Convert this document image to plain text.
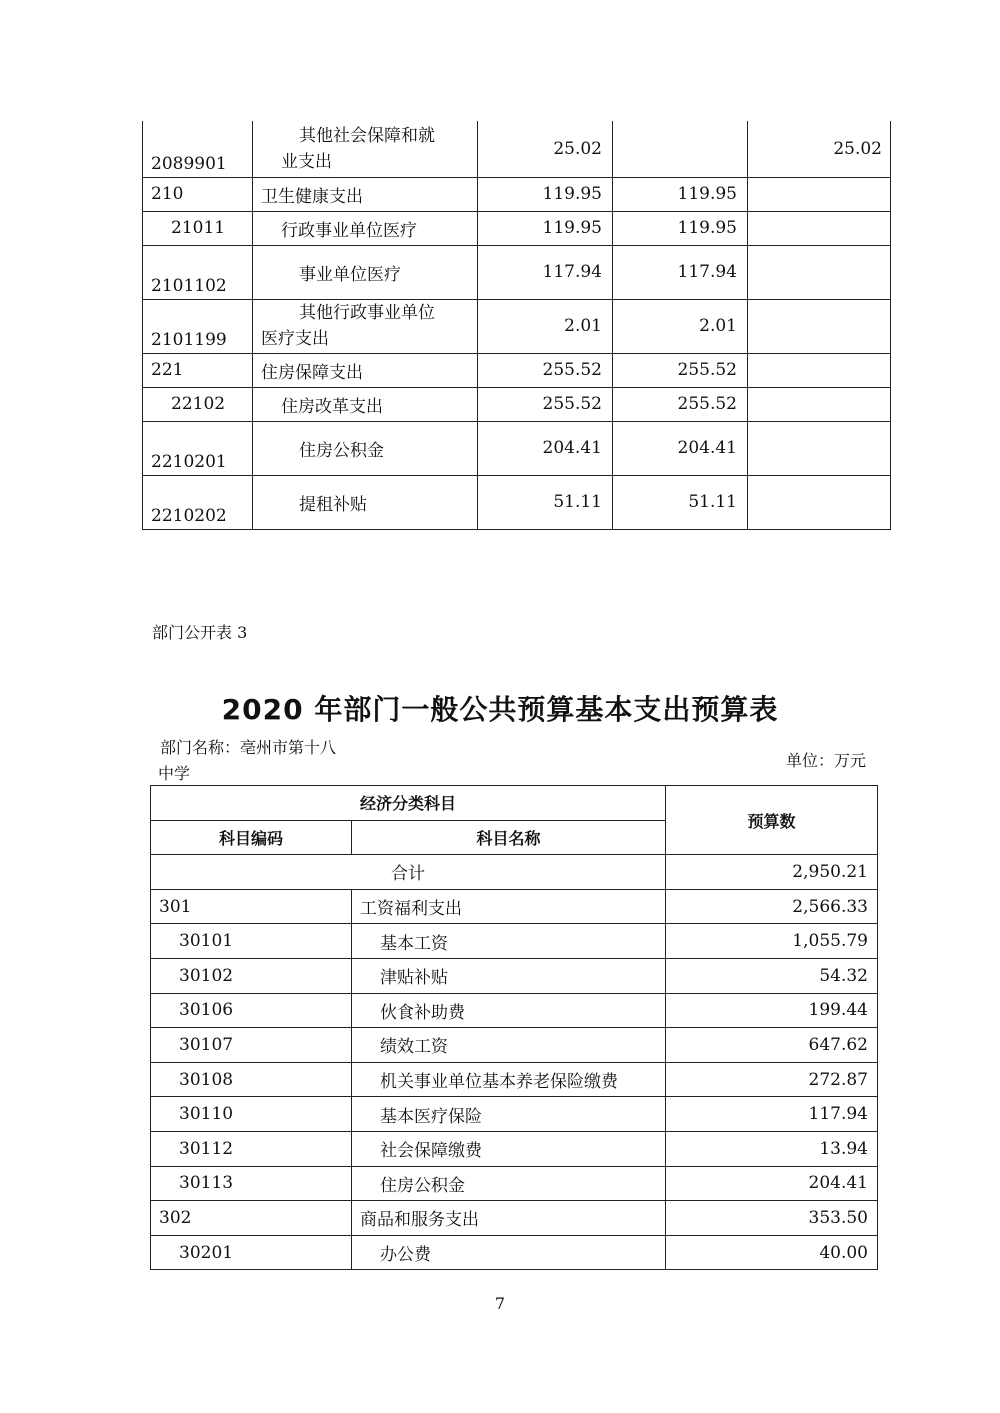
2089901	其他社会保障和就
业支出	25.02		25.02
210	卫生健康支出	119.95	119.95	
21011	行政事业单位医疗	119.95	119.95	
2101102	事业单位医疗	117.94	117.94	
2101199	其他行政事业单位
医疗支出	2.01	2.01	
221	住房保障支出	255.52	255.52	
22102	住房改革支出	255.52	255.52	
2210201	住房公积金	204.41	204.41	
2210202	提租补贴	51.11	51.11	
部门公开表 3
2020 年部门一般公共预算基本支出预算表
部门名称：亳州市第十八
中学
单位：万元
经济分类科目		预算数
科目编码	科目名称	
合计		2,950.21
301	工资福利支出	2,566.33
30101	基本工资	1,055.79
30102	津贴补贴	54.32
30106	伙食补助费	199.44
30107	绩效工资	647.62
30108	机关事业单位基本养老保险缴费	272.87
30110	基本医疗保险	117.94
30112	社会保障缴费	13.94
30113	住房公积金	204.41
302	商品和服务支出	353.50
30201	办公费	40.00
7
